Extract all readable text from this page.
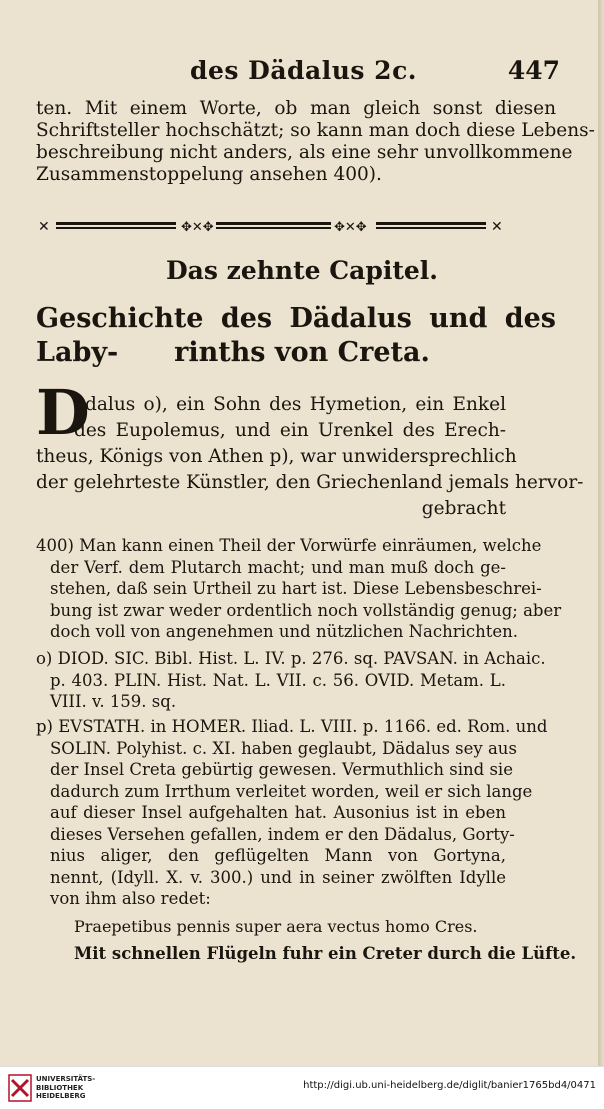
des Dädalus 2c.	447
ten. Mit einem Worte, ob man gleich sonst diesen
Schriftsteller hochschätzt; so kann man doch diese Lebens-
beschreibung nicht anders, als eine sehr unvollkommene
Zusammenstoppelung ansehen 400).
✕	✥✕✥	✥✕✥	✕
Das zehnte Capitel.
Geschichte des Dädalus und des Laby-	rinths von Creta.
D
ädalus o), ein Sohn des Hymetion, ein Enkel
des Eupolemus, und ein Urenkel des Erech-
theus, Königs von Athen p), war unwidersprechlich
der gelehrteste Künstler, den Griechenland jemals hervor-
gebracht
400) Man kann einen Theil der Vorwürfe einräumen, welche
der Verf. dem Plutarch macht; und man muß doch ge-
stehen, daß sein Urtheil zu hart ist. Diese Lebensbeschrei-
bung ist zwar weder ordentlich noch vollständig genug; aber
doch voll von angenehmen und nützlichen Nachrichten.
o) DIOD. SIC. Bibl. Hist. L. IV. p. 276. sq. PAVSAN. in Achaic.
p. 403. PLIN. Hist. Nat. L. VII. c. 56. OVID. Metam. L.
VIII. v. 159. sq.
p) EVSTATH. in HOMER. Iliad. L. VIII. p. 1166. ed. Rom. und
SOLIN. Polyhist. c. XI. haben geglaubt, Dädalus sey aus
der Insel Creta gebürtig gewesen. Vermuthlich sind sie
dadurch zum Irrthum verleitet worden, weil er sich lange
auf dieser Insel aufgehalten hat. Ausonius ist in eben
dieses Versehen gefallen, indem er den Dädalus, Gorty-
nius aliger, den geflügelten Mann von Gortyna,
nennt, (Idyll. X. v. 300.) und in seiner zwölften Idylle
von ihm also redet:
Praepetibus pennis super aera vectus homo Cres.
Mit schnellen Flügeln fuhr ein Creter durch die Lüfte.
UNIVERSITÄTS-
BIBLIOTHEK
HEIDELBERG
http://digi.ub.uni-heidelberg.de/diglit/banier1765bd4/0471
